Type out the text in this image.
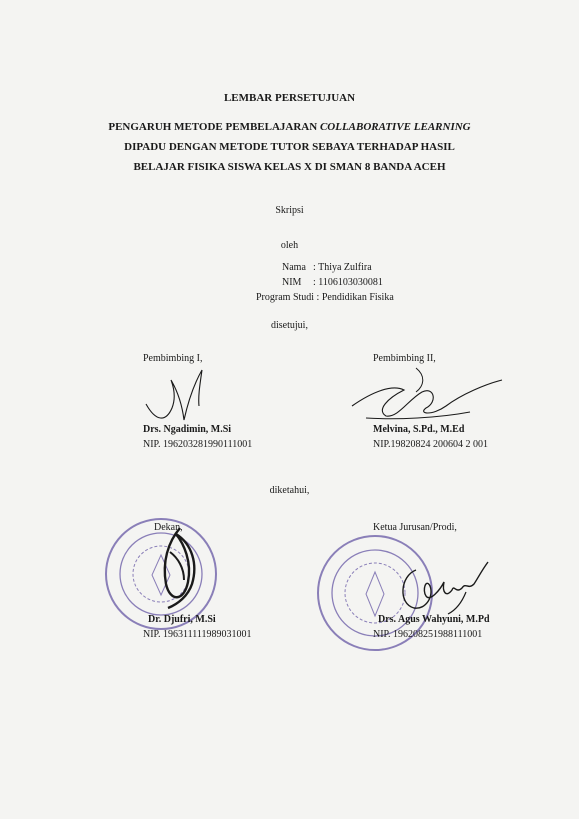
LEMBAR PERSETUJUAN
PENGARUH METODE PEMBELAJARAN COLLABORATIVE LEARNING
DIPADU DENGAN METODE TUTOR SEBAYA TERHADAP HASIL
BELAJAR FISIKA SISWA KELAS X DI SMAN 8 BANDA ACEH
Skripsi
oleh
Nama : Thiya Zulfira
NIM : 1106103030081
Program Studi : Pendidikan Fisika
disetujui,
Pembimbing I,	Pembimbing II,
Drs. Ngadimin, M.Si
NIP. 196203281990111001
Melvina, S.Pd., M.Ed
NIP.19820824 200604 2 001
diketahui,
Dekan,	Ketua Jurusan/Prodi,
Dr. Djufri, M.Si
NIP. 196311111989031001
Drs. Agus Wahyuni, M.Pd
NIP. 196208251988111001
